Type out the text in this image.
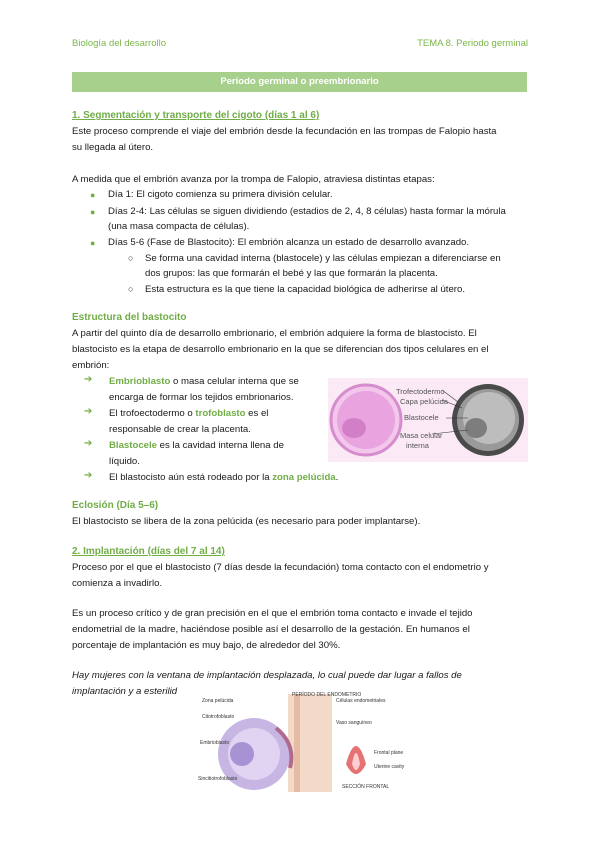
Biología del desarrollo	TEMA 8. Periodo germinal
Periodo germinal o preembrionario
1. Segmentación y transporte del cigoto (días 1 al 6)
Este proceso comprende el viaje del embrión desde la fecundación en las trompas de Falopio hasta
su llegada al útero.
A medida que el embrión avanza por la trompa de Falopio, atraviesa distintas etapas:
● Día 1: El cigoto comienza su primera división celular.
● Días 2-4: Las células se siguen dividiendo (estadios de 2, 4, 8 células) hasta formar la mórula
(una masa compacta de células).
● Días 5-6 (Fase de Blastocito): El embrión alcanza un estado de desarrollo avanzado.
○ Se forma una cavidad interna (blastocele) y las células empiezan a diferenciarse en
dos grupos: las que formarán el bebé y las que formarán la placenta.
○ Esta estructura es la que tiene la capacidad biológica de adherirse al útero.
Estructura del bastocito
A partir del quinto día de desarrollo embrionario, el embrión adquiere la forma de blastocisto. El
blastocisto es la etapa de desarrollo embrionario en la que se diferencian dos tipos celulares en el
embrión:
➔ Embrioblasto o masa celular interna que se
encarga de formar los tejidos embrionarios.
➔ El trofoectodermo o trofoblasto es el
responsable de crear la placenta.
➔ Blastocele es la cavidad interna llena de
líquido.
➔ El blastocisto aún está rodeado por la zona pelúcida.
Trofectodermo
Capa pelúcida
Blastocele
Masa celular
interna
Eclosión (Día 5–6)
El blastocisto se libera de la zona pelúcida (es necesario para poder implantarse).
2. Implantación (días del 7 al 14)
Proceso por el que el blastocisto (7 días desde la fecundación) toma contacto con el endometrio y
comienza a invadirlo.
Es un proceso crítico y de gran precisión en el que el embrión toma contacto e invade el tejido
endometrial de la madre, haciéndose posible así el desarrollo de la gestación. En humanos el
porcentaje de implantación es muy bajo, de alrededor del 30%.
Hay mujeres con la ventana de implantación desplazada, lo cual puede dar lugar a fallos de
implantación y a esterilid	PERÍODO DEL ENDOMETRIO
Células endometriales
Vaso sanguíneo
Frontal plane
Uterine cavity
SECCIÓN FRONTAL
Zona pelúcida
Citotrofoblasto
Embrioblasto
Sincitiotrofoblasto
